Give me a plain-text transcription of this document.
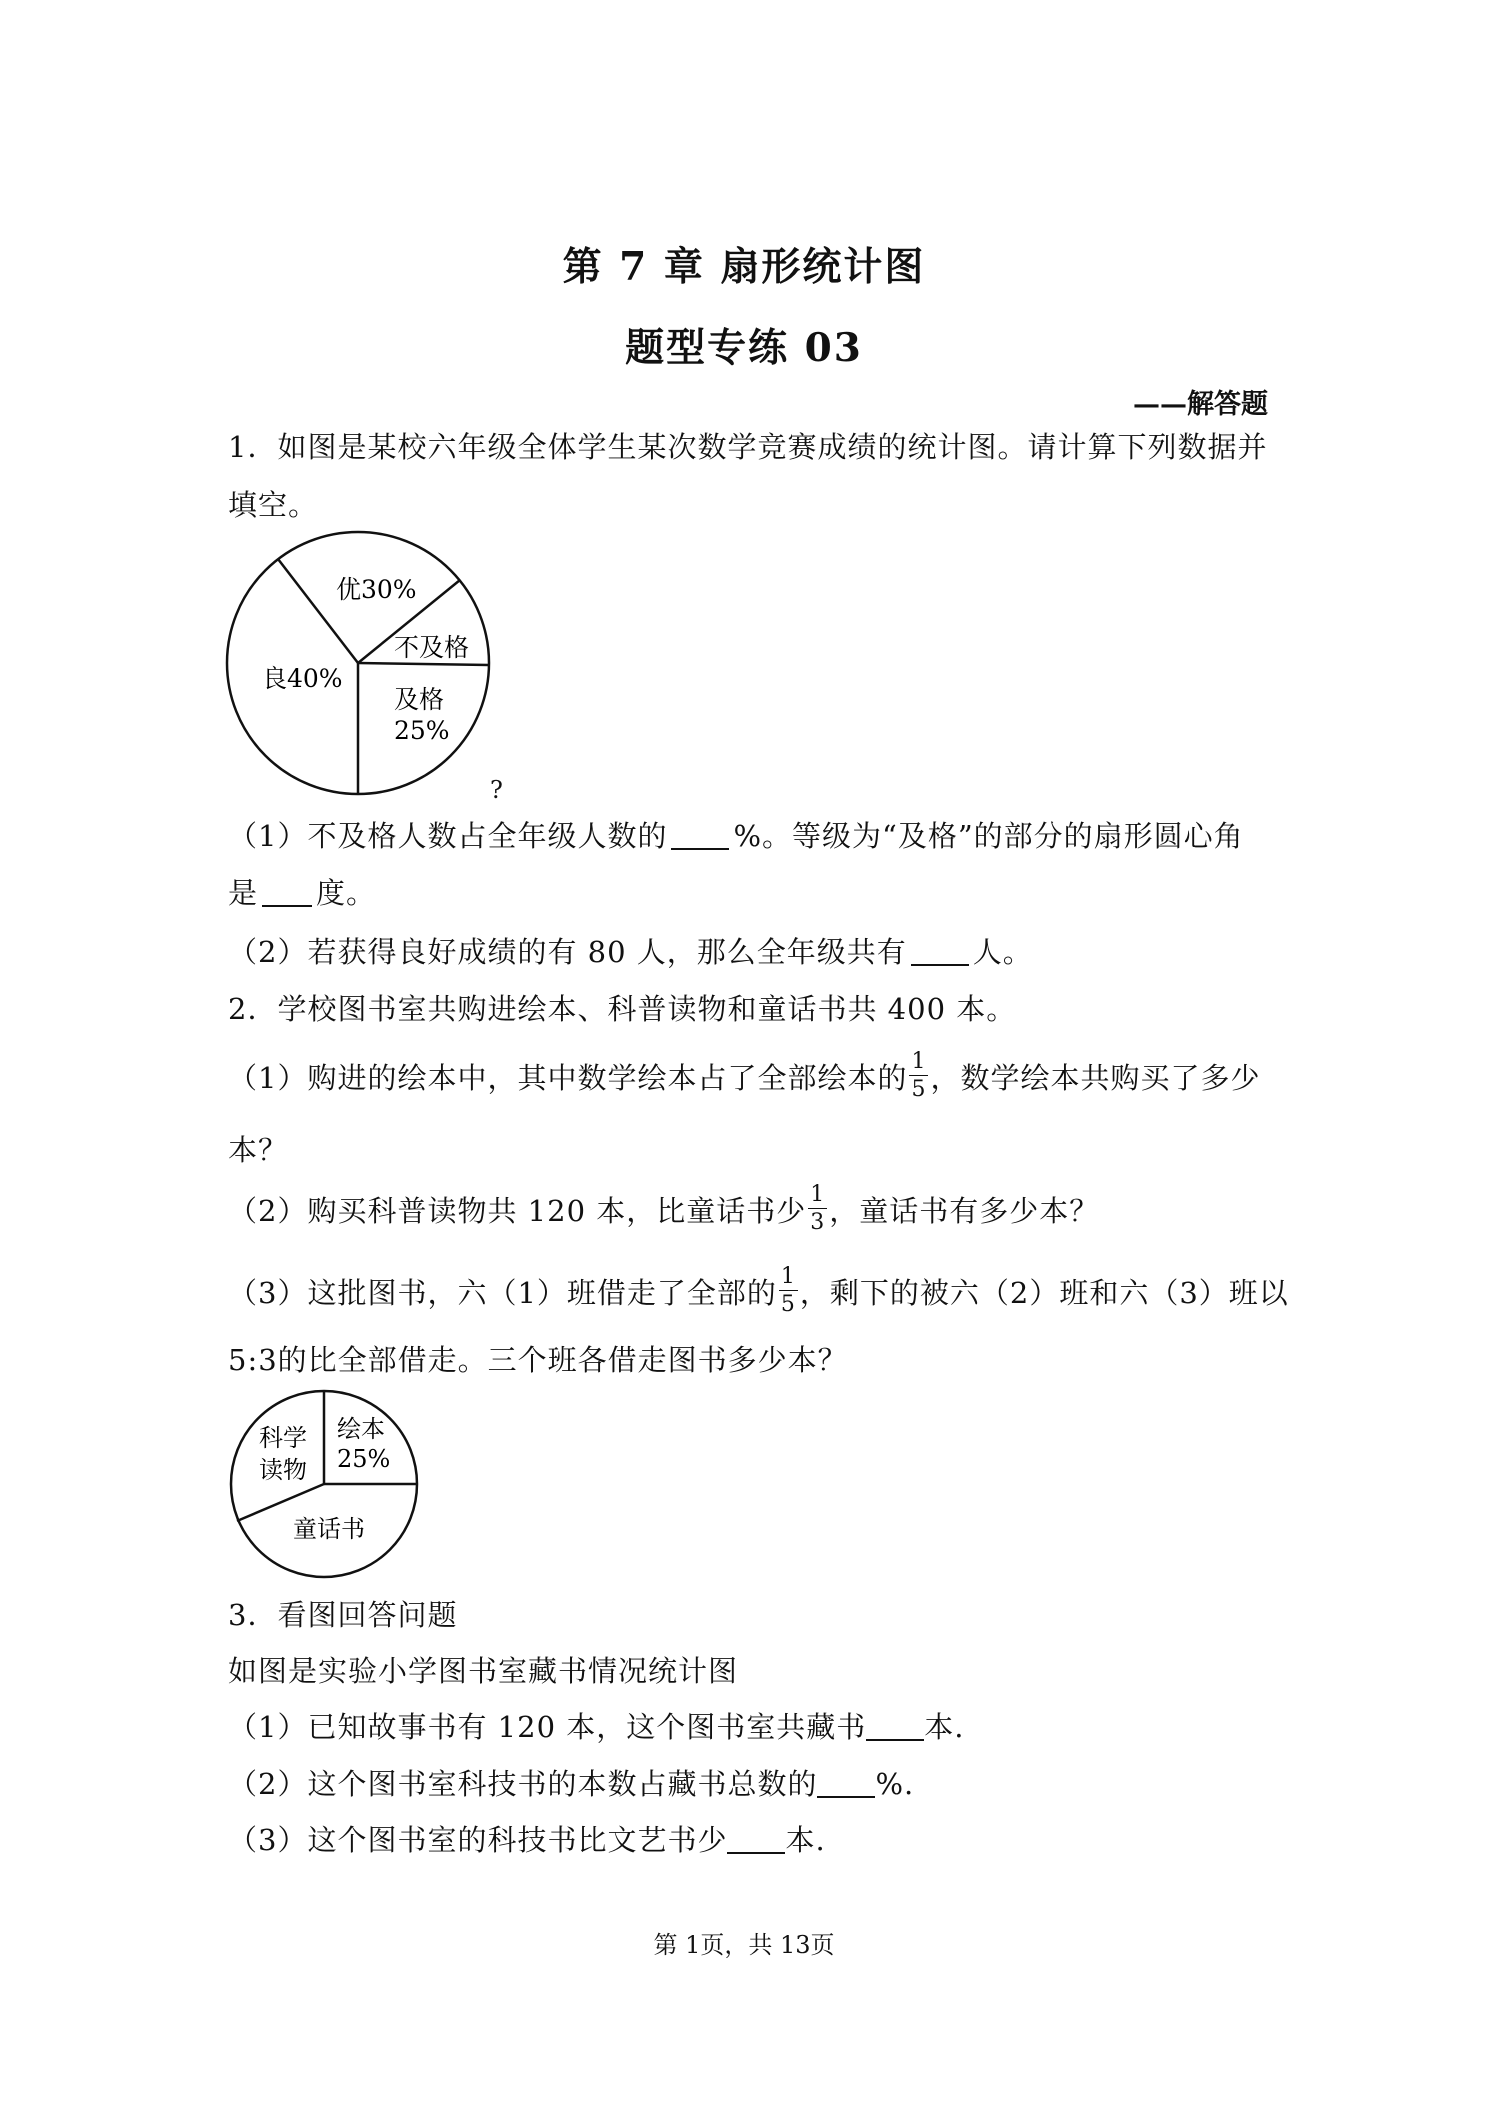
第 7 章 扇形统计图
题型专练 03
——解答题
1．如图是某校六年级全体学生某次数学竞赛成绩的统计图。请计算下列数据并
填空。
优30%
不及格
良40%
及格
25%
?
（1）不及格人数占全年级人数的 %。等级为“及格”的部分的扇形圆心角
是 度。
（2）若获得良好成绩的有 80 人，那么全年级共有 人。
2．学校图书室共购进绘本、科普读物和童话书共 400 本。
（1）购进的绘本中，其中数学绘本占了全部绘本的 $\frac{1}{5}$ ，数学绘本共购买了多少
本？
（2）购买科普读物共 120 本，比童话书少 $\frac{1}{3}$ ，童话书有多少本？
（3）这批图书，六（1）班借走了全部的 $\frac{1}{5}$ ，剩下的被六（2）班和六（3）班以
5:3的比全部借走。三个班各借走图书多少本？
科学
读物
绘本
25%
童话书
3．看图回答问题
如图是实验小学图书室藏书情况统计图
（1）已知故事书有 120 本，这个图书室共藏书 本.
（2）这个图书室科技书的本数占藏书总数的 %.
（3）这个图书室的科技书比文艺书少 本.
第 1页，共 13页
